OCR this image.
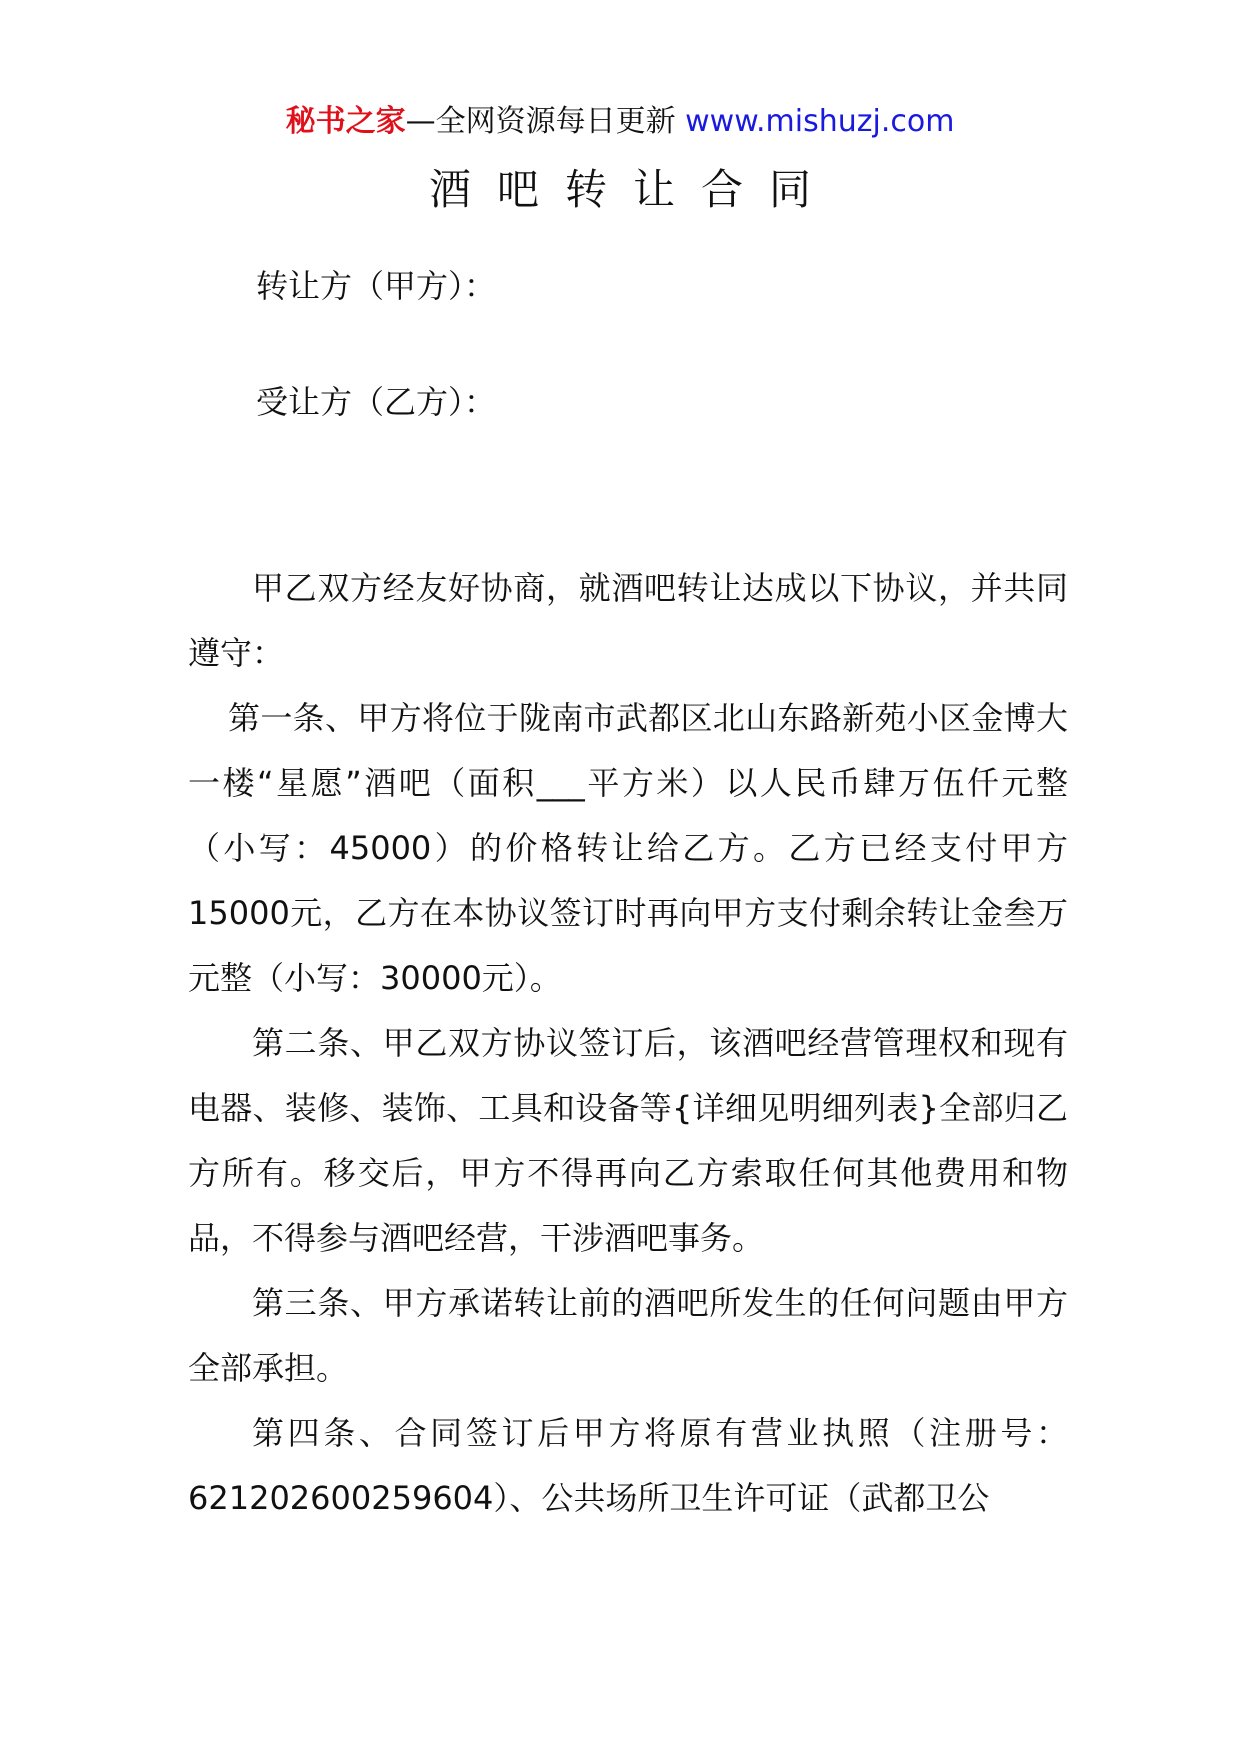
秘书之家—全网资源每日更新 www.mishuzj.com
酒吧转让合同
转让方（甲方）：
受让方（乙方）：

甲乙双方经友好协商，就酒吧转让达成以下协议，并共同遵守：

第一条、甲方将位于陇南市武都区北山东路新苑小区金博大一楼“星愿”酒吧（面积___平方米）以人民币肆万伍仟元整（小写：45000）的价格转让给乙方。乙方已经支付甲方15000元，乙方在本协议签订时再向甲方支付剩余转让金叁万元整（小写：30000元）。

第二条、甲乙双方协议签订后，该酒吧经营管理权和现有电器、装修、装饰、工具和设备等{详细见明细列表}全部归乙方所有。移交后，甲方不得再向乙方索取任何其他费用和物品，不得参与酒吧经营，干涉酒吧事务。

第三条、甲方承诺转让前的酒吧所发生的任何问题由甲方全部承担。

第四条、合同签订后甲方将原有营业执照（注册号：621202600259604）、公共场所卫生许可证（武都卫公
